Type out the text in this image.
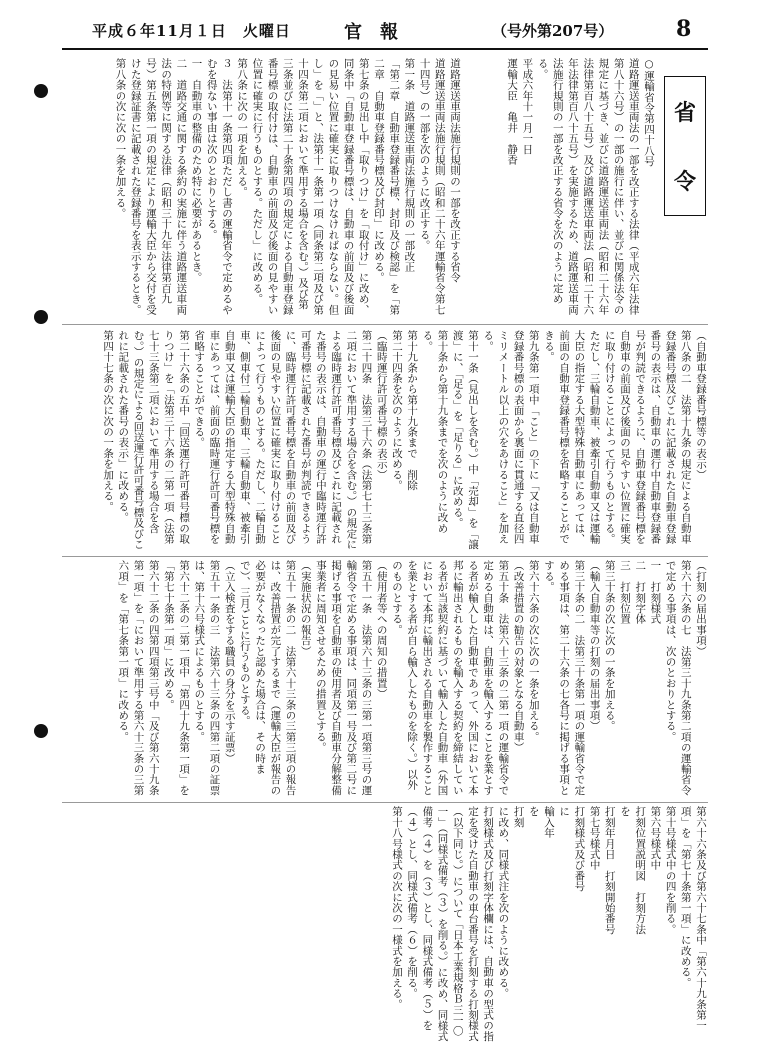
平成６年11月１日　火曜日	官報	（号外第207号）	8
省
令
○運輸省令第四十八号
道路運送車両法の一部を改正する法律（平成六年法律第八十六号）の一部の施行に伴い、並びに関係法令の規定に基づき、並びに道路運送車両法（昭和二十六年法律第百八十五号）及び道路運送車両法（昭和二十六年法律第百八十五号）を実施するため、道路運送車両法施行規則の一部を改正する省令を次のように定める。
平成六年十一月一日
運輸大臣　亀井　静香
道路運送車両法施行規則の一部を改正する省令
道路運送車両法施行規則（昭和二十六年運輸省令第七十四号）の一部を次のように改正する。
第一条　道路運送車両法施行規則の一部改正
「第二章　自動車登録番号標、封印及び検認」を「第二章　自動車登録番号標及び封印」に改める。
第七条の見出し中「取りつけ」を「取付け」に改め、同条中「自動車登録番号標は、自動車の前面及び後面の見易い位置に確実に取りつけなければならない。但し」を「」と、法第十一条第一項（同条第二項及び第十四条第二項において準用する場合を含む。）及び第三条並びに法第二十条第四項の規定による自動車登録番号標の取付けは、自動車の前面及び後面の見やすい位置に確実に行うものとする。ただし」に改める。
第八条に次の一項を加える。
３　法第十一条第四項ただし書の運輸省令で定めるやむを得ない事由は次のとおりとする。
一　自動車の整備のため特に必要があるとき。
二　道路交通に関する条約の実施に伴う道路運送車両法の特例等に関する法律（昭和三十九年法律第百九号）第五条第一項の規定により運輸大臣から交付を受けた登録証書に記載された登録番号を表示するとき。
第八条の次に次の一条を加える。
（自動車登録番号標等の表示）
第八条の二　法第十九条の規定による自動車登録番号標及びこれに記載された自動車登録番号の表示は、自動車の運行中自動車登録番号が判読できるように、自動車登録番号標を自動車の前面及び後面の見やすい位置に確実に取り付けることによって行うものとする。ただし、三輪自動車、被牽引自動車又は運輸大臣の指定する大型特殊自動車にあっては、前面の自動車登録番号標を省略することができる。
第九条第一項中「こと」の下に「又は自動車登録番号標の表面から裏面に貫通する直径四ミリメートル以上の穴をあけること」を加える。
第十一条（見出しを含む。）中「売却」を「譲渡」に、「足る」を「足りる」に改める。
第十条から第十九条までを次のように改める。
第十九条から第十九条まで　削除
第二十四条を次のように改める。
（臨時運行許可番号標の表示）
第二十四条　法第三十六条（法第七十三条第二項において準用する場合を含む。）の規定による臨時運行許可番号標及びこれに記載された番号の表示は、自動車の運行中臨時運行許可番号標に記載された番号が判読できるように、臨時運行許可番号標を自動車の前面及び後面の見やすい位置に確実に取り付けることによって行うものとする。ただし、二輪自動車、側車付二輪自動車、三輪自動車、被牽引自動車又は運輸大臣の指定する大型特殊自動車にあっては、前面の臨時運行許可番号標を省略することができる。
第二十六条の五中「回送運行許可番号標の取りつけ」を「法第三十六条の二第一項（法第七十三条第二項において準用する場合を含む。）の規定による回送運行許可番号標及びこれに記載された番号の表示」に改める。
第四十七条の次に次の一条を加える。
（打刻の届出事項）
第六十六条の七　法第三十九条第二項の運輸省令で定める事項は、次のとおりとする。
一　打刻様式
二　打刻字体
三　打刻位置
第三十条の次に次の一条を加える。
（輸入自動車等の打刻の届出事項）
第三十条の二　法第三十条第一項の運輸省令で定める事項は、第二十六条の七各号に掲げる事項とする。
第六十六条の次に次の一条を加える。
（改善措置の勧告の対象となる自動車）
第五十条　法第六十三条の二第一項の運輸省令で定める自動車は、自動車を輸入することを業とする者が輸入した自動車であって、外国において本邦に輸出されるものを輸入する契約を締結している者が当該契約に基づいて輸入した自動車（外国において本邦に輸出される自動車を製作することを業とする者が自ら輸入したものを除く。）以外のものとする。
（使用者等への周知の措置）
第五十一条　法第六十三条の三第一項第三号の運輸省令で定める事項は、同項第一号及び第二号に掲げる事項を自動車の使用者及び自動車分解整備事業者に周知させるための措置とする。
（実施状況の報告）
第五十一条の二　法第六十三条の三第三項の報告は、改善措置が完了するまで（運輸大臣が報告の必要がなくなったと認めた場合は、その時まで）、三月ごとに行うものとする。
（立入検査をする職員の身分を示す証票）
第五十一条の三　法第六十三条の四第二項の証票は、第十六号様式によるものとする。
第六十二条の二第一項中「第四十九条第一項」を「第七十条第一項」に改める。
第六十二条の四第四項第三号中「及び第六十九条第一項」を「において準用する第六十三条の三第六項」を「第七条第一項」に改める。
第六十六条及び第六十七条中「第六十九条第一項」を「第七十条第一項」に改める。
第十号様式中の四を削る。
第六号様式中
打刻位置説明図　打刻方法
を
打刻年月日　打刻開始番号
第七号様式中
打刻様式及び番号
に
輸入年
を
打刻
に改め、同様式注を次のように改める。
打刻様式及び打刻字体欄には、自動車の型式の指定を受けた自動車の車台番号を打刻する打刻様式（以下同じ。）について「日本工業規格Ｂ三一〇一」（同様式備考（３）を削る。）に改め、同様式備考（４）を（３）とし、同様式備考（５）を（４）とし、同様式備考（６）を削る。
第十八号様式の次に次の一様式を加える。
